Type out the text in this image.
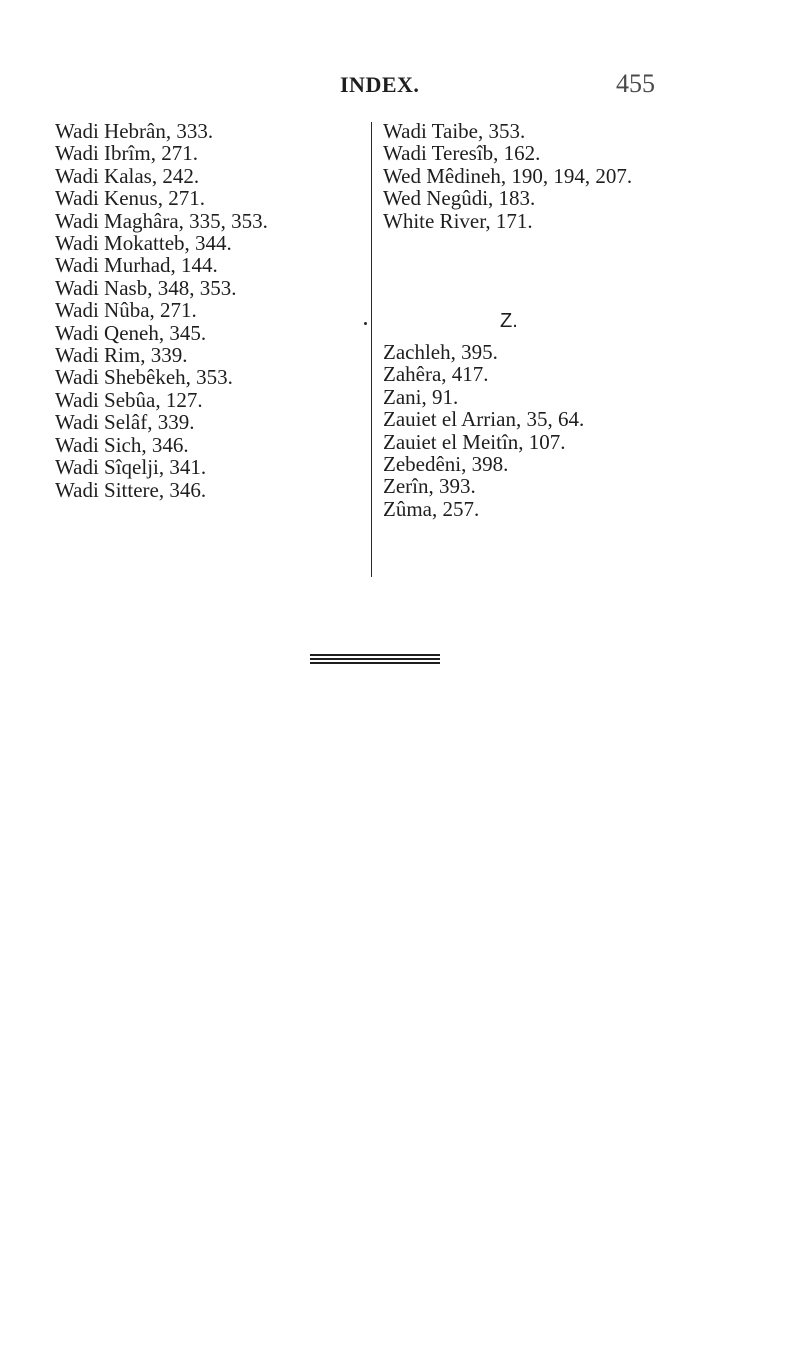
INDEX.	455
Wadi Hebrân, 333.
Wadi Ibrîm, 271.
Wadi Kalas, 242.
Wadi Kenus, 271.
Wadi Maghâra, 335, 353.
Wadi Mokatteb, 344.
Wadi Murhad, 144.
Wadi Nasb, 348, 353.
Wadi Nûba, 271.
Wadi Qeneh, 345.
Wadi Rim, 339.
Wadi Shebêkeh, 353.
Wadi Sebûa, 127.
Wadi Selâf, 339.
Wadi Sich, 346.
Wadi Sîqelji, 341.
Wadi Sittere, 346.
Wadi Taibe, 353.
Wadi Teresîb, 162.
Wed Mêdineh, 190, 194, 207.
Wed Negûdi, 183.
White River, 171.
Z.
Zachleh, 395.
Zahêra, 417.
Zani, 91.
Zauiet el Arrian, 35, 64.
Zauiet el Meitîn, 107.
Zebedêni, 398.
Zerîn, 393.
Zûma, 257.
